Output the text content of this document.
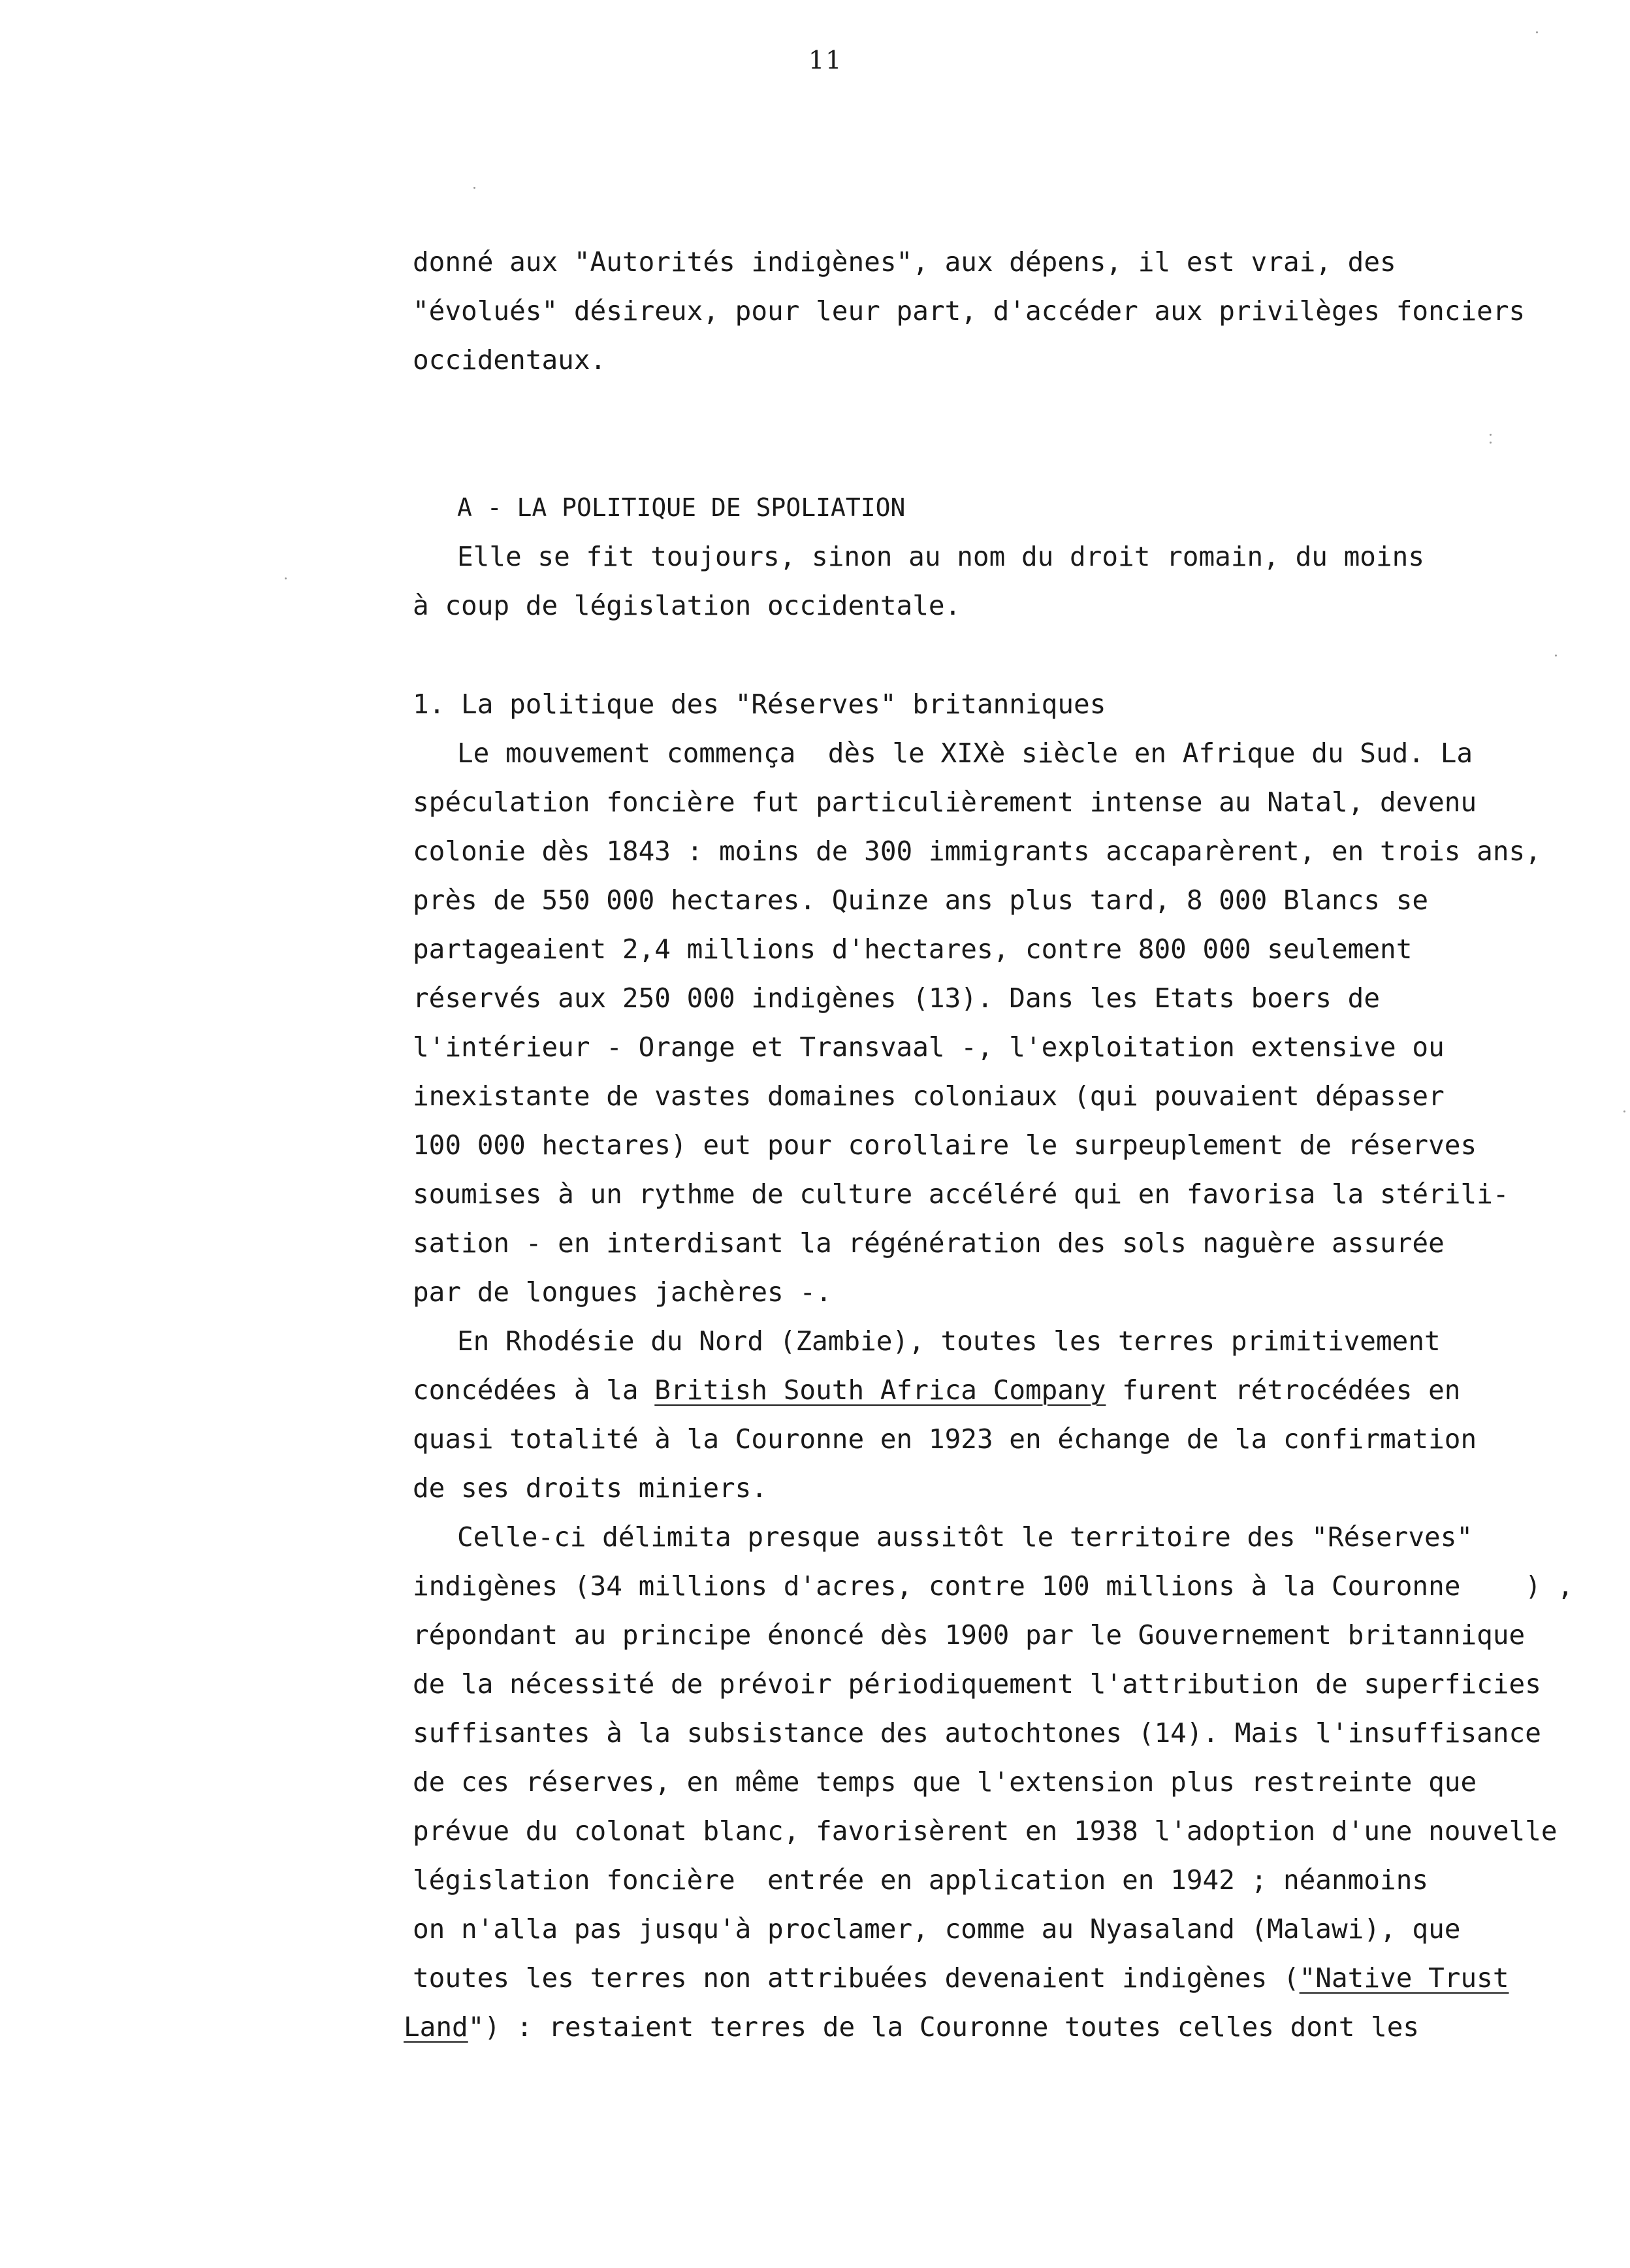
11
donné aux "Autorités indigènes", aux dépens, il est vrai, des
"évolués" désireux, pour leur part, d'accéder aux privilèges fonciers
occidentaux.
A - LA POLITIQUE DE SPOLIATION
Elle se fit toujours, sinon au nom du droit romain, du moins
à coup de législation occidentale.
1. La politique des "Réserves" britanniques
Le mouvement commença  dès le XIXè siècle en Afrique du Sud. La
spéculation foncière fut particulièrement intense au Natal, devenu
colonie dès 1843 : moins de 300 immigrants accaparèrent, en trois ans,
près de 550 000 hectares. Quinze ans plus tard, 8 000 Blancs se
partageaient 2,4 millions d'hectares, contre 800 000 seulement
réservés aux 250 000 indigènes (13). Dans les Etats boers de
l'intérieur - Orange et Transvaal -, l'exploitation extensive ou
inexistante de vastes domaines coloniaux (qui pouvaient dépasser
100 000 hectares) eut pour corollaire le surpeuplement de réserves
soumises à un rythme de culture accéléré qui en favorisa la stérili-
sation - en interdisant la régénération des sols naguère assurée
par de longues jachères -.
En Rhodésie du Nord (Zambie), toutes les terres primitivement
concédées à la British South Africa Company furent rétrocédées en
quasi totalité à la Couronne en 1923 en échange de la confirmation
de ses droits miniers.
Celle-ci délimita presque aussitôt le territoire des "Réserves"
indigènes (34 millions d'acres, contre 100 millions à la Couronne    ) ,
répondant au principe énoncé dès 1900 par le Gouvernement britannique
de la nécessité de prévoir périodiquement l'attribution de superficies
suffisantes à la subsistance des autochtones (14). Mais l'insuffisance
de ces réserves, en même temps que l'extension plus restreinte que
prévue du colonat blanc, favorisèrent en 1938 l'adoption d'une nouvelle
législation foncière  entrée en application en 1942 ; néanmoins
on n'alla pas jusqu'à proclamer, comme au Nyasaland (Malawi), que
toutes les terres non attribuées devenaient indigènes ("Native Trust
Land") : restaient terres de la Couronne toutes celles dont les
